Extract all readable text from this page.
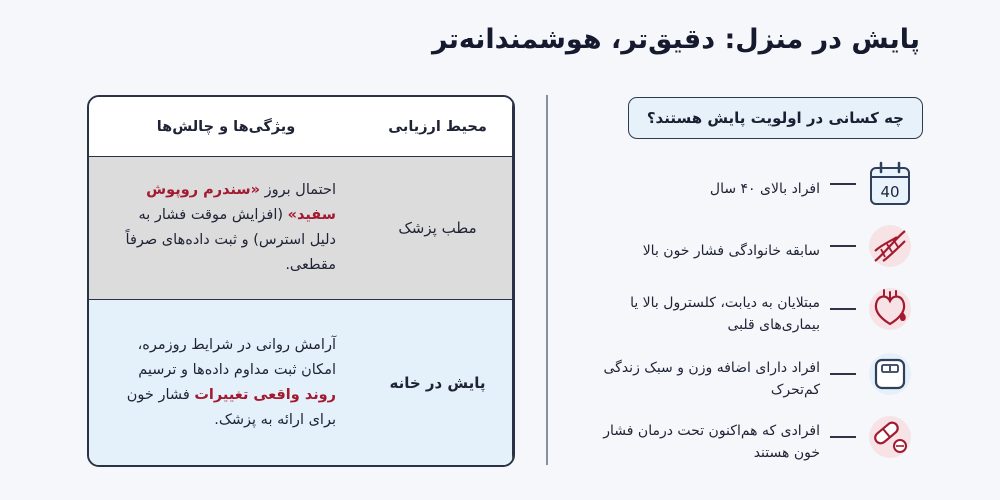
پایش در منزل: دقیق‌تر، هوشمندانه‌تر
ویژگی‌ها و چالش‌ها	محیط ارزیابی
احتمال بروز «سندرم روپوش سفید» (افزایش موقت فشار به دلیل استرس) و ثبت داده‌های صرفاً مقطعی.
مطب پزشک
آرامش روانی در شرایط روزمره، امکان ثبت مداوم داده‌ها و ترسیم روند واقعی تغییرات فشار خون برای ارائه به پزشک.
پایش در خانه
چه کسانی در اولویت پایش هستند؟
40
افراد بالای ۴۰ سال
سابقه خانوادگی فشار خون بالا
مبتلایان به دیابت، کلسترول بالا یا بیماری‌های قلبی
افراد دارای اضافه وزن و سبک زندگی کم‌تحرک
افرادی که هم‌اکنون تحت درمان فشار خون هستند
